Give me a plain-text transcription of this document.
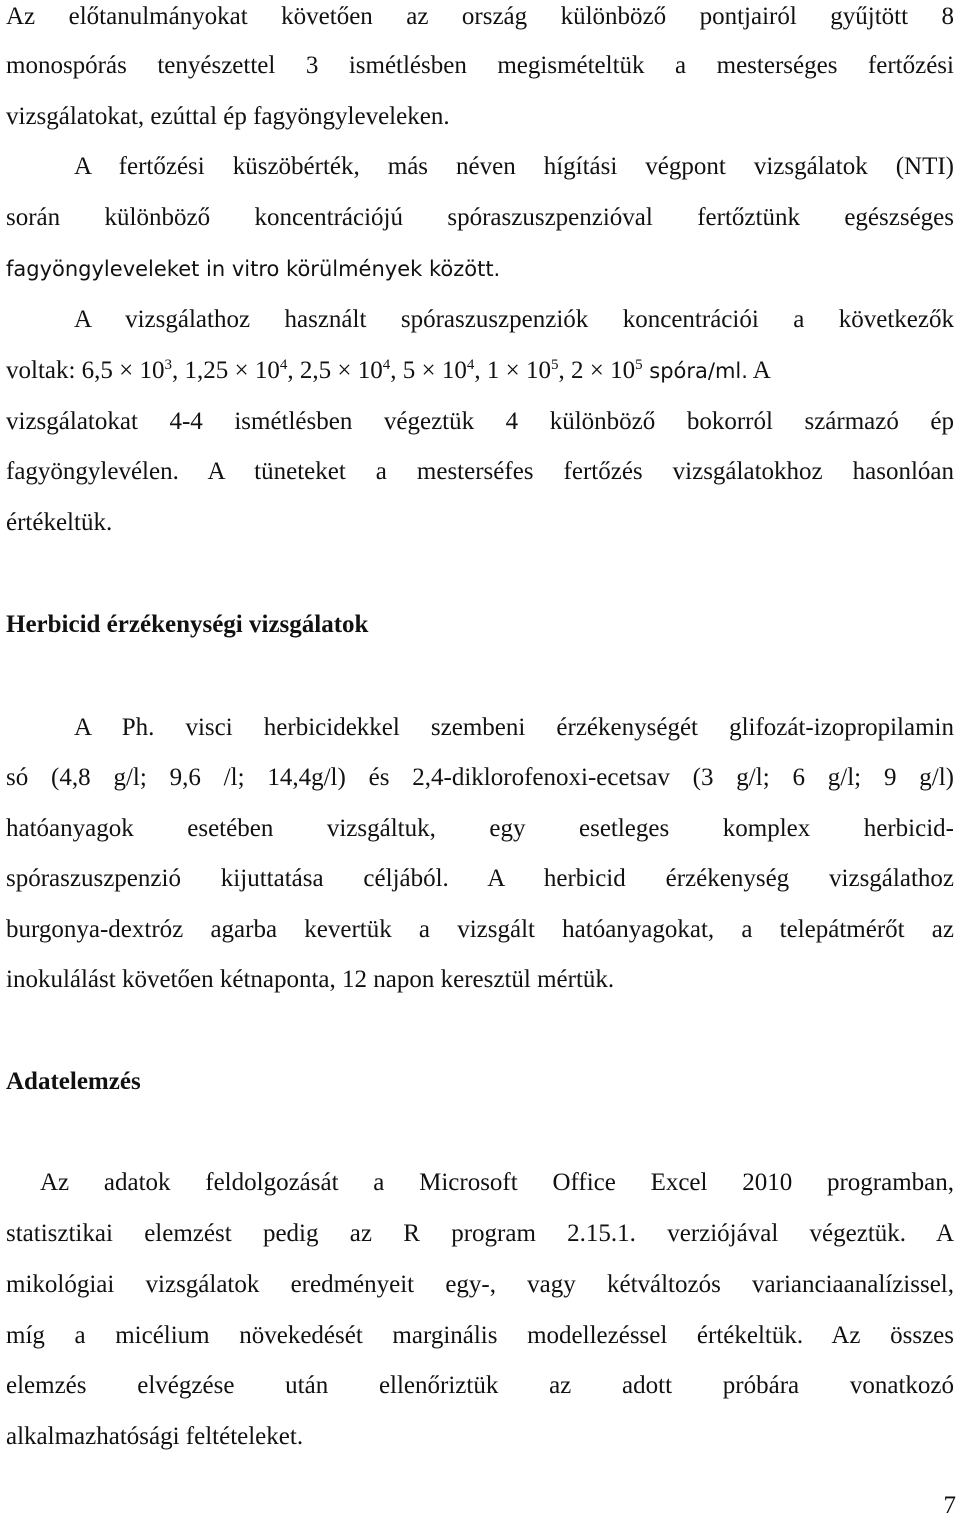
Az előtanulmányokat követően az ország különböző pontjairól gyűjtött 8
monospórás tenyészettel 3 ismétlésben megismételtük a mesterséges fertőzési
vizsgálatokat, ezúttal ép fagyöngyleveleken.
A fertőzési küszöbérték, más néven hígítási végpont vizsgálatok (NTI)
során különböző koncentrációjú spóraszuszpenzióval fertőztünk egészséges
fagyöngyleveleket in vitro körülmények között.
A vizsgálathoz használt spóraszuszpenziók koncentrációi a következők
voltak: $6,5 \times 10^3$, $1,25 \times 10^4$, $2,5 \times 10^4$, $5 \times 10^4$, $1 \times 10^5$, $2 \times 10^5$ spóra/ml. A
vizsgálatokat 4-4 ismétlésben végeztük 4 különböző bokorról származó ép
fagyöngylevélen. A tüneteket a mesterséfes fertőzés vizsgálatokhoz hasonlóan
értékeltük.
Herbicid érzékenységi vizsgálatok
A Ph. visci herbicidekkel szembeni érzékenységét glifozát-izopropilamin
só (4,8 g/l; 9,6 /l; 14,4g/l) és 2,4-diklorofenoxi-ecetsav (3 g/l; 6 g/l; 9 g/l)
hatóanyagok esetében vizsgáltuk, egy esetleges komplex herbicid-
spóraszuszpenzió kijuttatása céljából. A herbicid érzékenység vizsgálathoz
burgonya-dextróz agarba kevertük a vizsgált hatóanyagokat, a telepátmérőt az
inokulálást követően kétnaponta, 12 napon keresztül mértük.
Adatelemzés
Az adatok feldolgozását a Microsoft Office Excel 2010 programban,
statisztikai elemzést pedig az R program 2.15.1. verziójával végeztük. A
mikológiai vizsgálatok eredményeit egy-, vagy kétváltozós varianciaanalízissel,
míg a micélium növekedését marginális modellezéssel értékeltük. Az összes
elemzés elvégzése után ellenőriztük az adott próbára vonatkozó
alkalmazhatósági feltételeket.
7
